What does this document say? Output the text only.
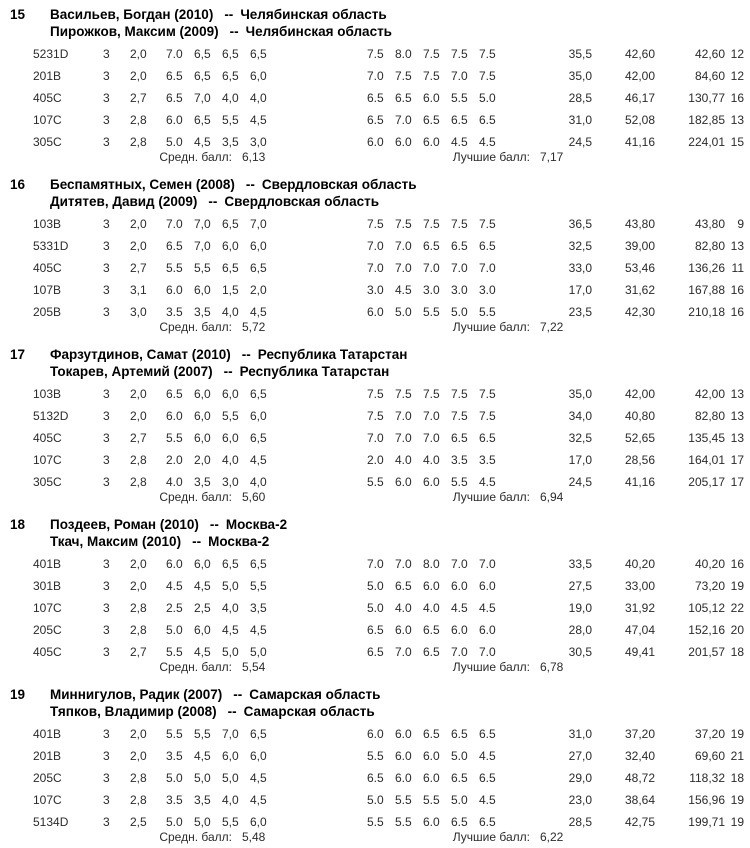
15 Васильев, Богдан (2010) -- Челябинская область
Пирожков, Максим (2009) -- Челябинская область
5231D	3 2,0 7.0 6,5 6,5 6,5	7.5 8.0 7.5 7.5 7.5	35,5	42,60	42,60 12
201B	3 2,0 6.5 6,5 6,5 6,0	7.0 7.5 7.5 7.0 7.5	35,0	42,00	84,60 12
405C	3 2,7 6.5 7,0 4,0 4,0	6.5 6.5 6.0 5.5 5.0	28,5	46,17	130,77 16
107C	3 2,8 6.0 6,5 5,5 4,5	6.5 7.0 6.5 6.5 6.5	31,0	52,08	182,85 13
305C	3 2,8 5.0 4,5 3,5 3,0	6.0 6.0 6.0 4.5 4.5	24,5	41,16	224,01 15
Средн. балл: 6,13	Лучшие балл: 7,17
16 Беспамятных, Семен (2008) -- Свердловская область
Дитятев, Давид (2009) -- Свердловская область
103B	3 2,0 7.0 7,0 6,5 7,0	7.5 7.5 7.5 7.5 7.5	36,5	43,80	43,80	9
5331D	3 2,0 6.5 7,0 6,0 6,0	7.0 7.0 6.5 6.5 6.5	32,5	39,00	82,80 13
405C	3 2,7 5.5 5,5 6,5 6,5	7.0 7.0 7.0 7.0 7.0	33,0	53,46	136,26 11
107B	3 3,1 6.0 6,0 1,5 2,0	3.0 4.5 3.0 3.0 3.0	17,0	31,62	167,88 16
205B	3 3,0 3.5 3,5 4,0 4,5	6.0 5.0 5.5 5.0 5.5	23,5	42,30	210,18 16
Средн. балл: 5,72	Лучшие балл: 7,22
17 Фарзутдинов, Самат (2010) -- Республика Татарстан
Токарев, Артемий (2007) -- Республика Татарстан
103B	3 2,0 6.5 6,0 6,0 6,5	7.5 7.5 7.5 7.5 7.5	35,0	42,00	42,00 13
5132D	3 2,0 6.0 6,0 5,5 6,0	7.5 7.0 7.0 7.5 7.5	34,0	40,80	82,80 13
405C	3 2,7 5.5 6,0 6,0 6,5	7.0 7.0 7.0 6.5 6.5	32,5	52,65	135,45 13
107C	3 2,8 2.0 2,0 4,0 4,5	2.0 4.0 4.0 3.5 3.5	17,0	28,56	164,01 17
305C	3 2,8 4.0 3,5 3,0 4,0	5.5 6.0 6.0 5.5 4.5	24,5	41,16	205,17 17
Средн. балл: 5,60	Лучшие балл: 6,94
18 Поздеев, Роман (2010) -- Москва-2
Ткач, Максим (2010) -- Москва-2
401B	3 2,0 6.0 6,0 6,5 6,5	7.0 7.0 8.0 7.0 7.0	33,5	40,20	40,20 16
301B	3 2,0 4.5 4,5 5,0 5,5	5.0 6.5 6.0 6.0 6.0	27,5	33,00	73,20 19
107C	3 2,8 2.5 2,5 4,0 3,5	5.0 4.0 4.0 4.5 4.5	19,0	31,92	105,12 22
205C	3 2,8 5.0 6,0 4,5 4,5	6.5 6.0 6.5 6.0 6.0	28,0	47,04	152,16 20
405C	3 2,7 5.5 4,5 5,0 5,0	6.5 7.0 6.5 7.0 7.0	30,5	49,41	201,57 18
Средн. балл: 5,54	Лучшие балл: 6,78
19 Миннигулов, Радик (2007) -- Самарская область
Тяпков, Владимир (2008) -- Самарская область
401B	3 2,0 5.5 5,5 7,0 6,5	6.0 6.0 6.5 6.5 6.5	31,0	37,20	37,20 19
201B	3 2,0 3.5 4,5 6,0 6,0	5.5 6.0 6.0 5.0 4.5	27,0	32,40	69,60 21
205C	3 2,8 5.0 5,0 5,0 4,5	6.5 6.0 6.0 6.5 6.5	29,0	48,72	118,32 18
107C	3 2,8 3.5 3,5 4,0 4,5	5.0 5.5 5.5 5.0 4.5	23,0	38,64	156,96 19
5134D	3 2,5 5.0 5,0 5,5 6,0	5.5 5.5 6.0 6.5 6.5	28,5	42,75	199,71 19
Средн. балл: 5,48	Лучшие балл: 6,22
